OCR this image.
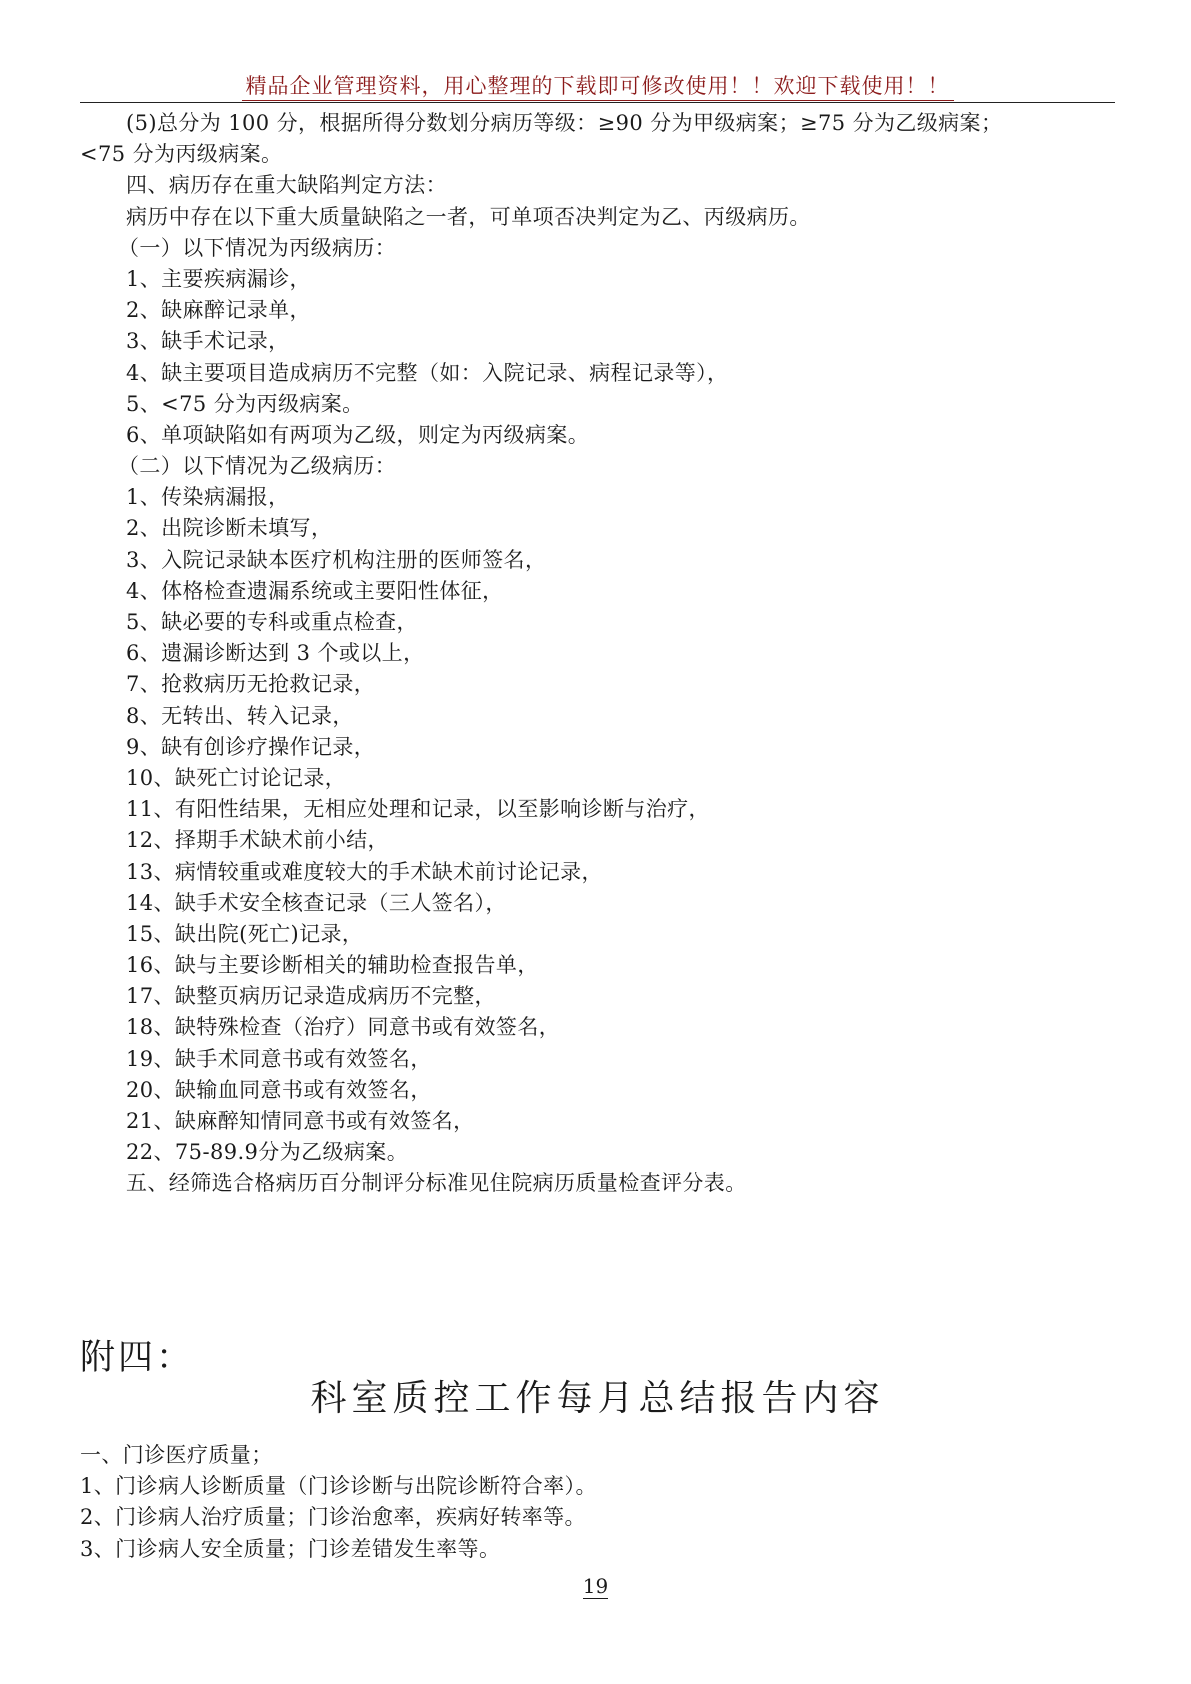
精品企业管理资料，用心整理的下载即可修改使用！！欢迎下载使用！！
(5)总分为 100 分，根据所得分数划分病历等级：≥90 分为甲级病案；≥75 分为乙级病案；
<75 分为丙级病案。
四、病历存在重大缺陷判定方法：
病历中存在以下重大质量缺陷之一者，可单项否决判定为乙、丙级病历。
（一）以下情况为丙级病历：
1、主要疾病漏诊，
2、缺麻醉记录单，
3、缺手术记录，
4、缺主要项目造成病历不完整（如：入院记录、病程记录等），
5、<75 分为丙级病案。
6、单项缺陷如有两项为乙级，则定为丙级病案。
（二）以下情况为乙级病历：
1、传染病漏报，
2、出院诊断未填写，
3、入院记录缺本医疗机构注册的医师签名，
4、体格检查遗漏系统或主要阳性体征，
5、缺必要的专科或重点检查，
6、遗漏诊断达到 3 个或以上，
7、抢救病历无抢救记录，
8、无转出、转入记录，
9、缺有创诊疗操作记录，
10、缺死亡讨论记录，
11、有阳性结果，无相应处理和记录，以至影响诊断与治疗，
12、择期手术缺术前小结，
13、病情较重或难度较大的手术缺术前讨论记录，
14、缺手术安全核查记录（三人签名），
15、缺出院(死亡)记录，
16、缺与主要诊断相关的辅助检查报告单，
17、缺整页病历记录造成病历不完整，
18、缺特殊检查（治疗）同意书或有效签名，
19、缺手术同意书或有效签名，
20、缺输血同意书或有效签名，
21、缺麻醉知情同意书或有效签名，
22、75-89.9分为乙级病案。
五、经筛选合格病历百分制评分标准见住院病历质量检查评分表。
附四：
科室质控工作每月总结报告内容
一、门诊医疗质量；
1、门诊病人诊断质量（门诊诊断与出院诊断符合率）。
2、门诊病人治疗质量；门诊治愈率，疾病好转率等。
3、门诊病人安全质量；门诊差错发生率等。
19
